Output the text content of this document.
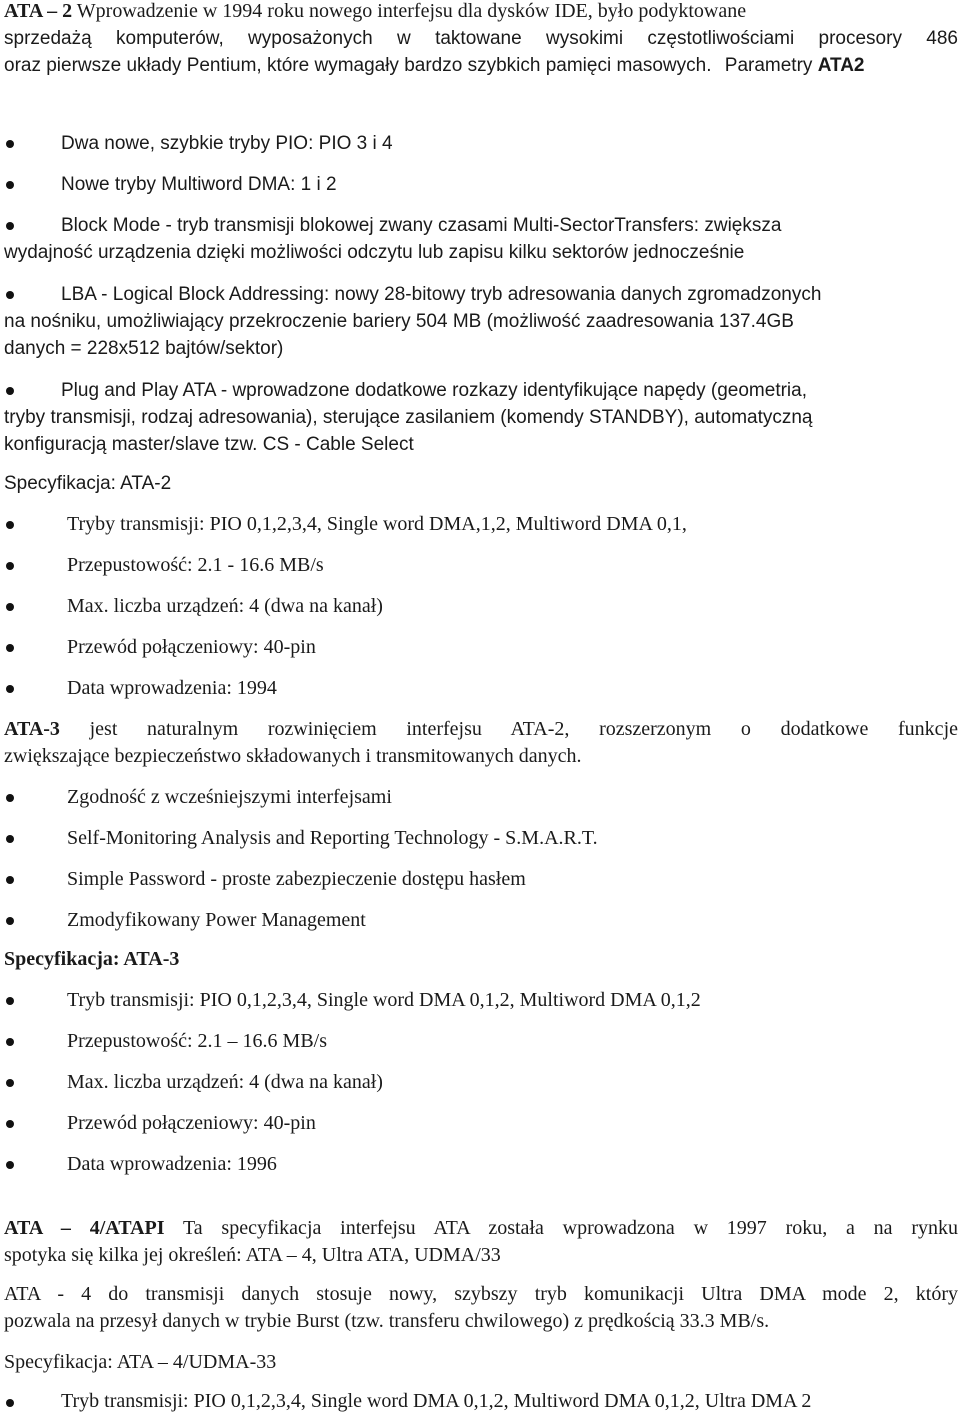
ATA – 2 Wprowadzenie w 1994 roku nowego interfejsu dla dysków IDE, było podyktowane

sprzedażą komputerów, wyposażonych w taktowane wysokimi częstotliwościami procesory 486

oraz pierwsze układy Pentium, które wymagały bardzo szybkich pamięci masowych. Parametry ATA2

Dwa nowe, szybkie tryby PIO: PIO 3 i 4
Nowe tryby Multiword DMA: 1 i 2
Block Mode - tryb transmisji blokowej zwany czasami Multi-SectorTransfers: zwiększa
wydajność urządzenia dzięki możliwości odczytu lub zapisu kilku sektorów jednocześnie
LBA - Logical Block Addressing: nowy 28-bitowy tryb adresowania danych zgromadzonych
na nośniku, umożliwiający przekroczenie bariery 504 MB (możliwość zaadresowania 137.4GB
danych = 228x512 bajtów/sektor)
Plug and Play ATA - wprowadzone dodatkowe rozkazy identyfikujące napędy (geometria,
tryby transmisji, rodzaj adresowania), sterujące zasilaniem (komendy STANDBY), automatyczną
konfiguracją master/slave tzw. CS - Cable Select

Specyfikacja: ATA-2

Tryby transmisji: PIO 0,1,2,3,4, Single word DMA,1,2, Multiword DMA 0,1,
Przepustowość: 2.1 - 16.6 MB/s
Max. liczba urządzeń: 4 (dwa na kanał)
Przewód połączeniowy: 40-pin
Data wprowadzenia: 1994

ATA-3 jest naturalnym rozwinięciem interfejsu ATA-2, rozszerzonym o dodatkowe funkcje

zwiększające bezpieczeństwo składowanych i transmitowanych danych.

Zgodność z wcześniejszymi interfejsami
Self-Monitoring Analysis and Reporting Technology - S.M.A.R.T.
Simple Password - proste zabezpieczenie dostępu hasłem
Zmodyfikowany Power Management

Specyfikacja: ATA-3

Tryb transmisji: PIO 0,1,2,3,4, Single word DMA 0,1,2, Multiword DMA 0,1,2
Przepustowość: 2.1 – 16.6 MB/s
Max. liczba urządzeń: 4 (dwa na kanał)
Przewód połączeniowy: 40-pin
Data wprowadzenia: 1996

ATA – 4/ATAPI Ta specyfikacja interfejsu ATA została wprowadzona w 1997 roku, a na rynku

spotyka się kilka jej określeń: ATA – 4, Ultra ATA, UDMA/33

ATA - 4 do transmisji danych stosuje nowy, szybszy tryb komunikacji Ultra DMA mode 2, który

pozwala na przesył danych w trybie Burst (tzw. transferu chwilowego) z prędkością 33.3 MB/s.

Specyfikacja: ATA – 4/UDMA-33

Tryb transmisji: PIO 0,1,2,3,4, Single word DMA 0,1,2, Multiword DMA 0,1,2, Ultra DMA 2
